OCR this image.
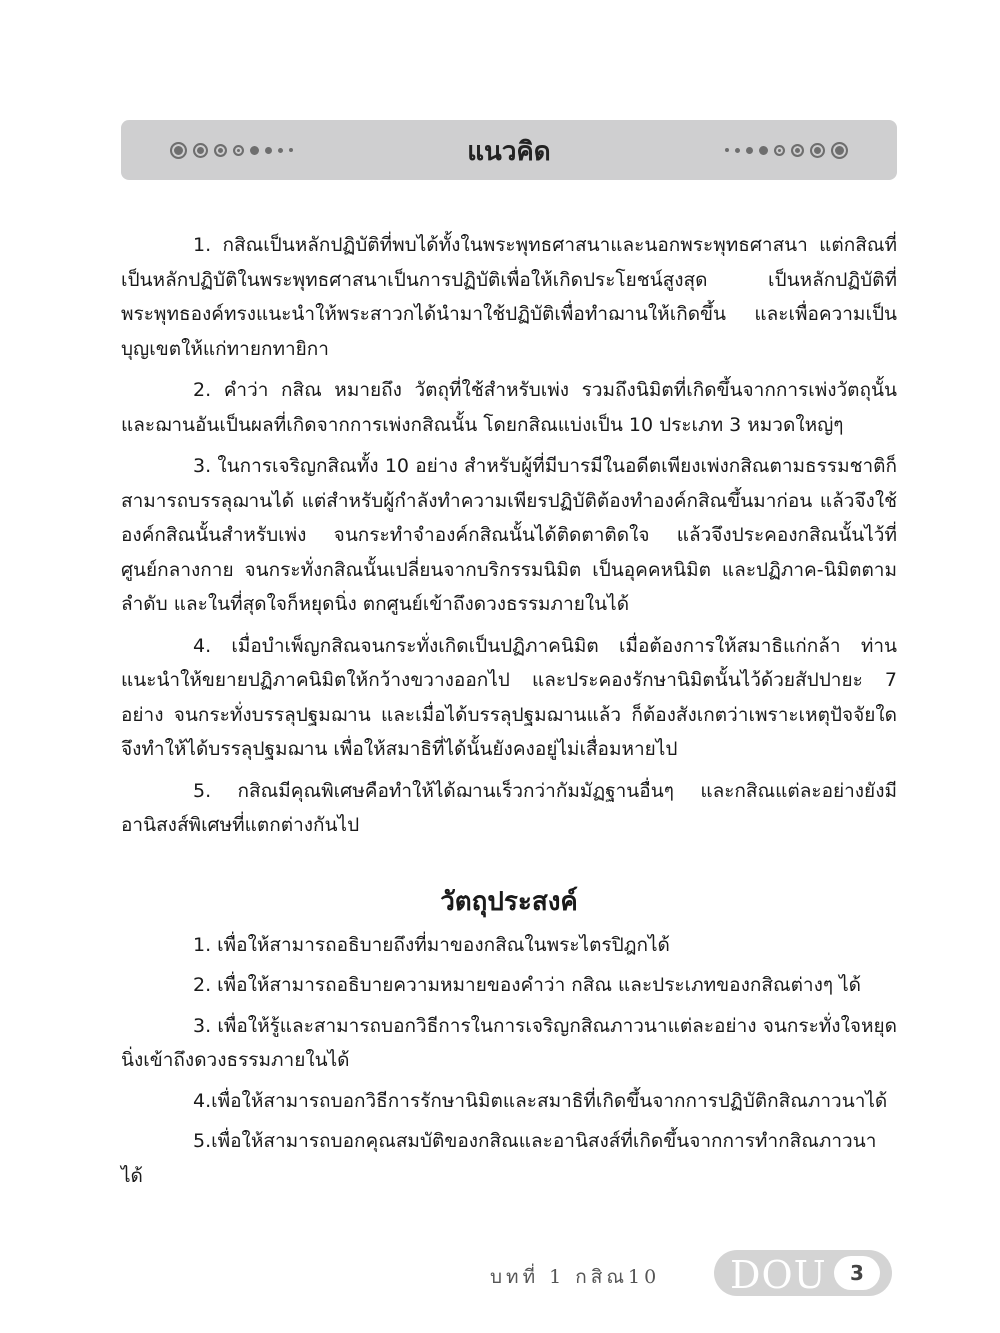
แนวคิด

1. กสิณเป็นหลักปฏิบัติที่พบได้ทั้งในพระพุทธศาสนาและนอกพระพุทธศาสนา แต่กสิณที่เป็นหลักปฏิบัติในพระพุทธศาสนาเป็นการปฏิบัติเพื่อให้เกิดประโยชน์สูงสุด เป็นหลักปฏิบัติที่พระพุทธองค์ทรงแนะนำให้พระสาวกได้นำมาใช้ปฏิบัติเพื่อทำฌานให้เกิดขึ้น และเพื่อความเป็นบุญเขตให้แก่ทายกทายิกา

2. คำว่า กสิณ หมายถึง วัตถุที่ใช้สำหรับเพ่ง รวมถึงนิมิตที่เกิดขึ้นจากการเพ่งวัตถุนั้นและฌานอันเป็นผลที่เกิดจากการเพ่งกสิณนั้น โดยกสิณแบ่งเป็น 10 ประเภท 3 หมวดใหญ่ๆ

3. ในการเจริญกสิณทั้ง 10 อย่าง สำหรับผู้ที่มีบารมีในอดีตเพียงเพ่งกสิณตามธรรมชาติก็สามารถบรรลุฌานได้ แต่สำหรับผู้กำลังทำความเพียรปฏิบัติต้องทำองค์กสิณขึ้นมาก่อน แล้วจึงใช้องค์กสิณนั้นสำหรับเพ่ง จนกระทำจำองค์กสิณนั้นได้ติดตาติดใจ แล้วจึงประคองกสิณนั้นไว้ที่ศูนย์กลางกาย จนกระทั่งกสิณนั้นเปลี่ยนจากบริกรรมนิมิต เป็นอุคคหนิมิต และปฏิภาค-นิมิตตามลำดับ และในที่สุดใจก็หยุดนิ่ง ตกศูนย์เข้าถึงดวงธรรมภายในได้

4. เมื่อบำเพ็ญกสิณจนกระทั่งเกิดเป็นปฏิภาคนิมิต เมื่อต้องการให้สมาธิแก่กล้า ท่านแนะนำให้ขยายปฏิภาคนิมิตให้กว้างขวางออกไป และประคองรักษานิมิตนั้นไว้ด้วยสัปปายะ 7 อย่าง จนกระทั่งบรรลุปฐมฌาน และเมื่อได้บรรลุปฐมฌานแล้ว ก็ต้องสังเกตว่าเพราะเหตุปัจจัยใดจึงทำให้ได้บรรลุปฐมฌาน เพื่อให้สมาธิที่ได้นั้นยังคงอยู่ไม่เสื่อมหายไป

5. กสิณมีคุณพิเศษคือทำให้ได้ฌานเร็วกว่ากัมมัฏฐานอื่นๆ และกสิณแต่ละอย่างยังมีอานิสงส์พิเศษที่แตกต่างกันไป

วัตถุประสงค์

1. เพื่อให้สามารถอธิบายถึงที่มาของกสิณในพระไตรปิฎกได้

2. เพื่อให้สามารถอธิบายความหมายของคำว่า กสิณ และประเภทของกสิณต่างๆ ได้

3. เพื่อให้รู้และสามารถบอกวิธีการในการเจริญกสิณภาวนาแต่ละอย่าง จนกระทั่งใจหยุดนิ่งเข้าถึงดวงธรรมภายในได้

4.เพื่อให้สามารถบอกวิธีการรักษานิมิตและสมาธิที่เกิดขึ้นจากการปฏิบัติกสิณภาวนาได้

5.เพื่อให้สามารถบอกคุณสมบัติของกสิณและอานิสงส์ที่เกิดขึ้นจากการทำกสิณภาวนาได้

บทที่ 1 กสิณ10 DOU	3
